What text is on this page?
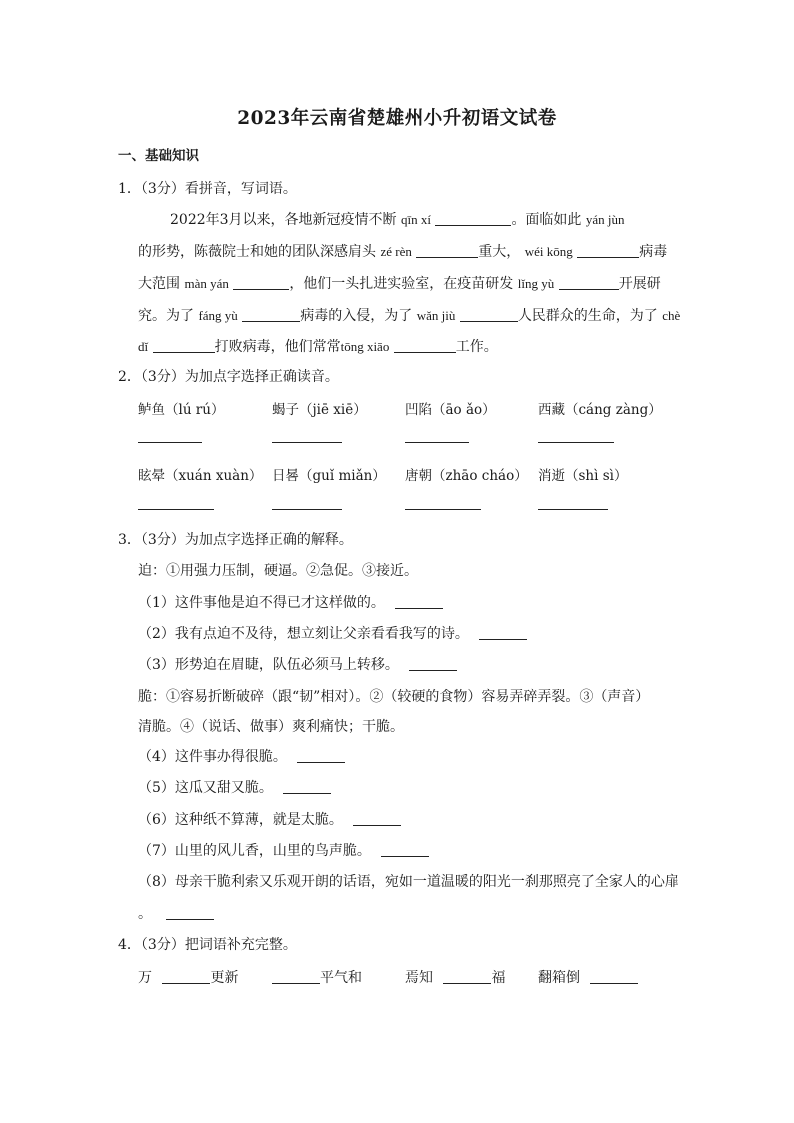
2023年云南省楚雄州小升初语文试卷
一、基础知识
1．（3分）看拼音，写词语。
2022年3月以来，各地新冠疫情不断 qīn xí	。面临如此 yán jùn
的形势，陈薇院士和她的团队深感肩头 zé rèn	重大， wéi kōng	病毒
大范围 màn yán	，他们一头扎进实验室，在疫苗研发 lǐng yù	开展研
究。为了 fáng yù	病毒的入侵，为了 wǎn jiù	人民群众的生命，为了 chè
dǐ	打败病毒，他们常常tōng xiāo	工作。
2．（3分）为加点字选择正确读音。
鲈鱼（lú rú）	蝎子（jiē xiē）	凹陷（āo ǎo）	西藏（cáng zàng）
眩晕（xuán xuàn） 日晷（guǐ miǎn） 唐朝（zhāo cháo） 消逝（shì sì）
3．（3分）为加点字选择正确的解释。
迫：①用强力压制，硬逼。②急促。③接近。
（1）这件事他是迫不得已才这样做的。
（2）我有点迫不及待，想立刻让父亲看看我写的诗。
（3）形势迫在眉睫，队伍必须马上转移。
脆：①容易折断破碎（跟“韧”相对）。②（较硬的食物）容易弄碎弄裂。③（声音）
清脆。④（说话、做事）爽利痛快；干脆。
（4）这件事办得很脆。
（5）这瓜又甜又脆。
（6）这种纸不算薄，就是太脆。
（7）山里的风儿香，山里的鸟声脆。
（8）母亲干脆利索又乐观开朗的话语，宛如一道温暖的阳光一刹那照亮了全家人的心扉
。
4．（3分）把词语补充完整。
万	更新	平气和	焉知	福 翻箱倒
